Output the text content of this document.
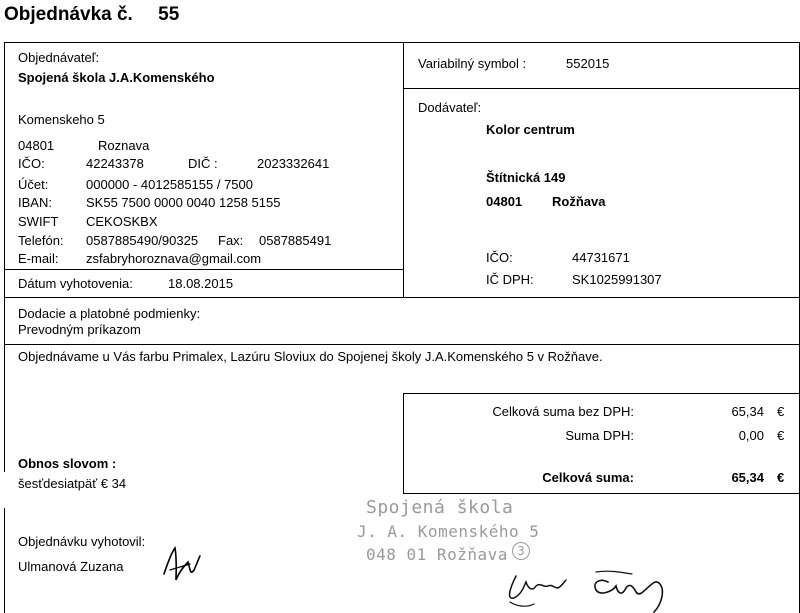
Objednávka č. 55
Objednávateľ:
Spojená škola J.A.Komenského
Komenskeho 5
04801	Roznava
IČO:	42243378	DIČ :	2023332641
Účet:	000000 - 4012585155 / 7500
IBAN:	SK55 7500 0000 0040 1258 5155
SWIFT CEKOSKBX
Telefón: 0587885490/90325 Fax: 0587885491
E-mail: zsfabryhoroznava@gmail.com
Dátum vyhotovenia:	18.08.2015
Variabilný symbol :	552015
Dodávateľ:
Kolor centrum
Štítnická 149
04801 Rožňava
IČO:	44731671
IČ DPH:	SK1025991307
Dodacie a platobné podmienky:
Prevodným príkazom
Objednávame u Vás farbu Primalex, Lazúru Sloviux do Spojenej školy J.A.Komenského 5 v Rožňave.
Celková suma bez DPH:	65,34 €
Suma DPH:	0,00 €
Celková suma:	65,34 €
Obnos slovom :
šesťdesiatpäť € 34
Objednávku vyhotovil:
Ulmanová Zuzana
Spojená škola
J. A. Komenského 5
048 01 Rožňava 3
